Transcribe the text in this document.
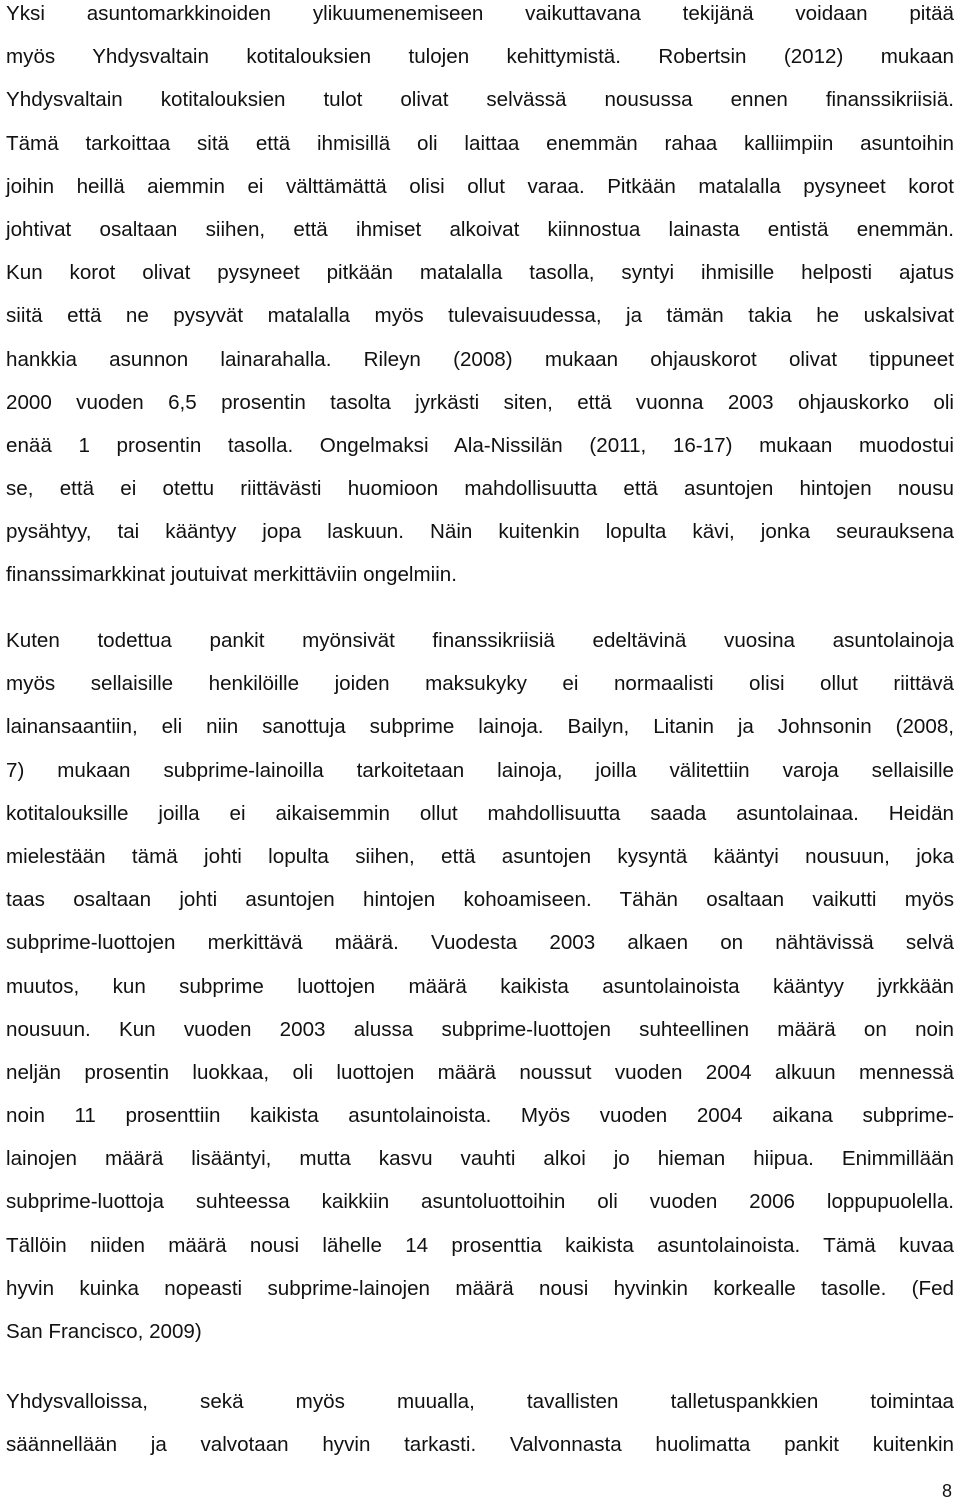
Yksi asuntomarkkinoiden ylikuumenemiseen vaikuttavana tekijänä voidaan pitää
myös Yhdysvaltain kotitalouksien tulojen kehittymistä. Robertsin (2012) mukaan
Yhdysvaltain kotitalouksien tulot olivat selvässä nousussa ennen finanssikriisiä.
Tämä tarkoittaa sitä että ihmisillä oli laittaa enemmän rahaa kalliimpiin asuntoihin
joihin heillä aiemmin ei välttämättä olisi ollut varaa. Pitkään matalalla pysyneet korot
johtivat osaltaan siihen, että ihmiset alkoivat kiinnostua lainasta entistä enemmän.
Kun korot olivat pysyneet pitkään matalalla tasolla, syntyi ihmisille helposti ajatus
siitä että ne pysyvät matalalla myös tulevaisuudessa, ja tämän takia he uskalsivat
hankkia asunnon lainarahalla. Rileyn (2008) mukaan ohjauskorot olivat tippuneet
2000 vuoden 6,5 prosentin tasolta jyrkästi siten, että vuonna 2003 ohjauskorko oli
enää 1 prosentin tasolla. Ongelmaksi Ala-Nissilän (2011, 16-17) mukaan muodostui
se, että ei otettu riittävästi huomioon mahdollisuutta että asuntojen hintojen nousu
pysähtyy, tai kääntyy jopa laskuun. Näin kuitenkin lopulta kävi, jonka seurauksena
finanssimarkkinat joutuivat merkittäviin ongelmiin.
Kuten todettua pankit myönsivät finanssikriisiä edeltävinä vuosina asuntolainoja
myös sellaisille henkilöille joiden maksukyky ei normaalisti olisi ollut riittävä
lainansaantiin, eli niin sanottuja subprime lainoja. Bailyn, Litanin ja Johnsonin (2008,
7) mukaan subprime-lainoilla tarkoitetaan lainoja, joilla välitettiin varoja sellaisille
kotitalouksille joilla ei aikaisemmin ollut mahdollisuutta saada asuntolainaa. Heidän
mielestään tämä johti lopulta siihen, että asuntojen kysyntä kääntyi nousuun, joka
taas osaltaan johti asuntojen hintojen kohoamiseen. Tähän osaltaan vaikutti myös
subprime-luottojen merkittävä määrä. Vuodesta 2003 alkaen on nähtävissä selvä
muutos, kun subprime luottojen määrä kaikista asuntolainoista kääntyy jyrkkään
nousuun. Kun vuoden 2003 alussa subprime-luottojen suhteellinen määrä on noin
neljän prosentin luokkaa, oli luottojen määrä noussut vuoden 2004 alkuun mennessä
noin 11 prosenttiin kaikista asuntolainoista. Myös vuoden 2004 aikana subprime-
lainojen määrä lisääntyi, mutta kasvu vauhti alkoi jo hieman hiipua. Enimmillään
subprime-luottoja suhteessa kaikkiin asuntoluottoihin oli vuoden 2006 loppupuolella.
Tällöin niiden määrä nousi lähelle 14 prosenttia kaikista asuntolainoista. Tämä kuvaa
hyvin kuinka nopeasti subprime-lainojen määrä nousi hyvinkin korkealle tasolle. (Fed
San Francisco, 2009)
Yhdysvalloissa, sekä myös muualla, tavallisten talletuspankkien toimintaa
säännellään ja valvotaan hyvin tarkasti. Valvonnasta huolimatta pankit kuitenkin
8
